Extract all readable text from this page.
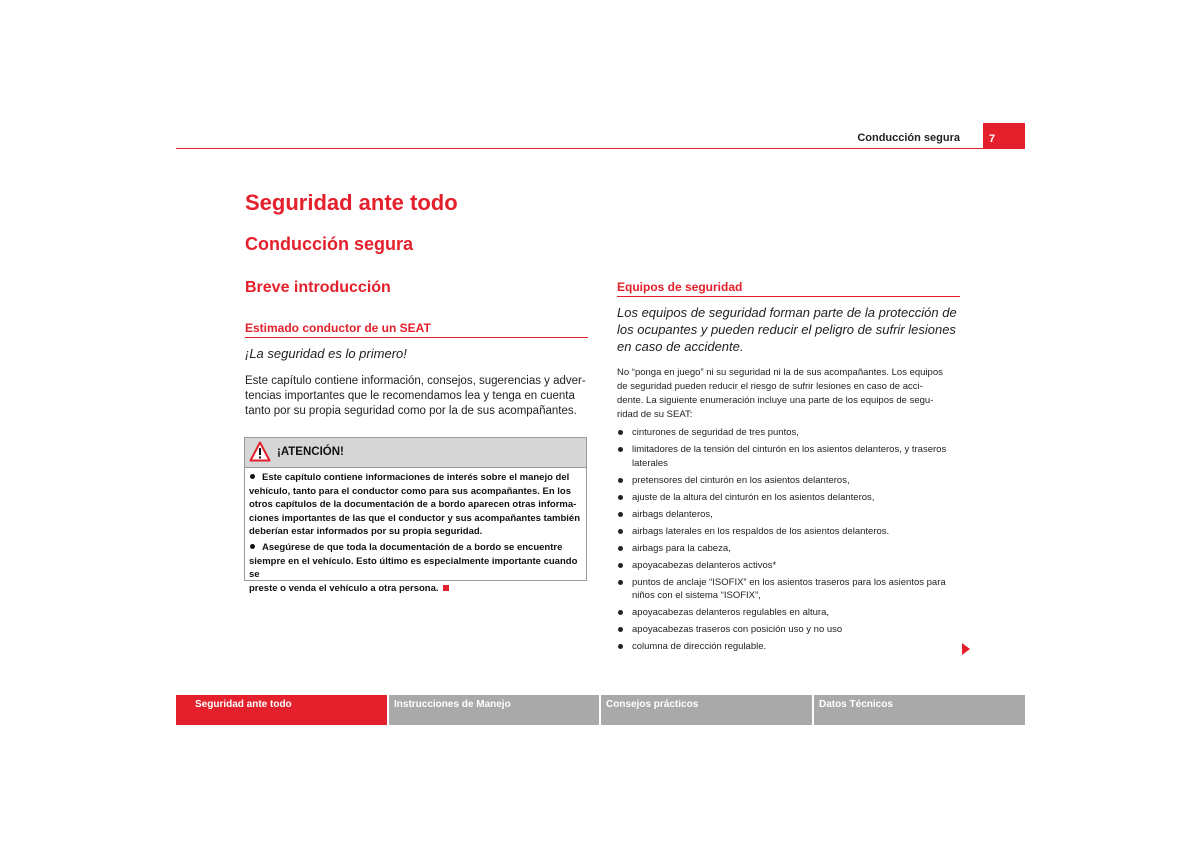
Conducción segura	7
Seguridad ante todo
Conducción segura
Breve introducción
Estimado conductor de un SEAT
¡La seguridad es lo primero!
Este capítulo contiene información, consejos, sugerencias y adver-
tencias importantes que le recomendamos lea y tenga en cuenta
tanto por su propia seguridad como por la de sus acompañantes.
¡ATENCIÓN!

Este capítulo contiene informaciones de interés sobre el manejo del
vehículo, tanto para el conductor como para sus acompañantes. En los
otros capítulos de la documentación de a bordo aparecen otras informa-
ciones importantes de las que el conductor y sus acompañantes también
deberían estar informados por su propia seguridad.

Asegúrese de que toda la documentación de a bordo se encuentre
siempre en el vehículo. Esto último es especialmente importante cuando se
preste o venda el vehículo a otra persona.

Equipos de seguridad
Los equipos de seguridad forman parte de la protección de
los ocupantes y pueden reducir el peligro de sufrir lesiones
en caso de accidente.
No “ponga en juego” ni su seguridad ni la de sus acompañantes. Los equipos
de seguridad pueden reducir el riesgo de sufrir lesiones en caso de acci-
dente. La siguiente enumeración incluye una parte de los equipos de segu-
ridad de su SEAT:
cinturones de seguridad de tres puntos,
limitadores de la tensión del cinturón en los asientos delanteros, y traseros laterales
pretensores del cinturón en los asientos delanteros,
ajuste de la altura del cinturón en los asientos delanteros,
airbags delanteros,
airbags laterales en los respaldos de los asientos delanteros.
airbags para la cabeza,
apoyacabezas delanteros activos*
puntos de anclaje “ISOFIX” en los asientos traseros para los asientos para niños con el sistema “ISOFIX”,
apoyacabezas delanteros regulables en altura,
apoyacabezas traseros con posición uso y no uso
columna de dirección regulable.
Seguridad ante todo	Instrucciones de Manejo	Consejos prácticos	Datos Técnicos
